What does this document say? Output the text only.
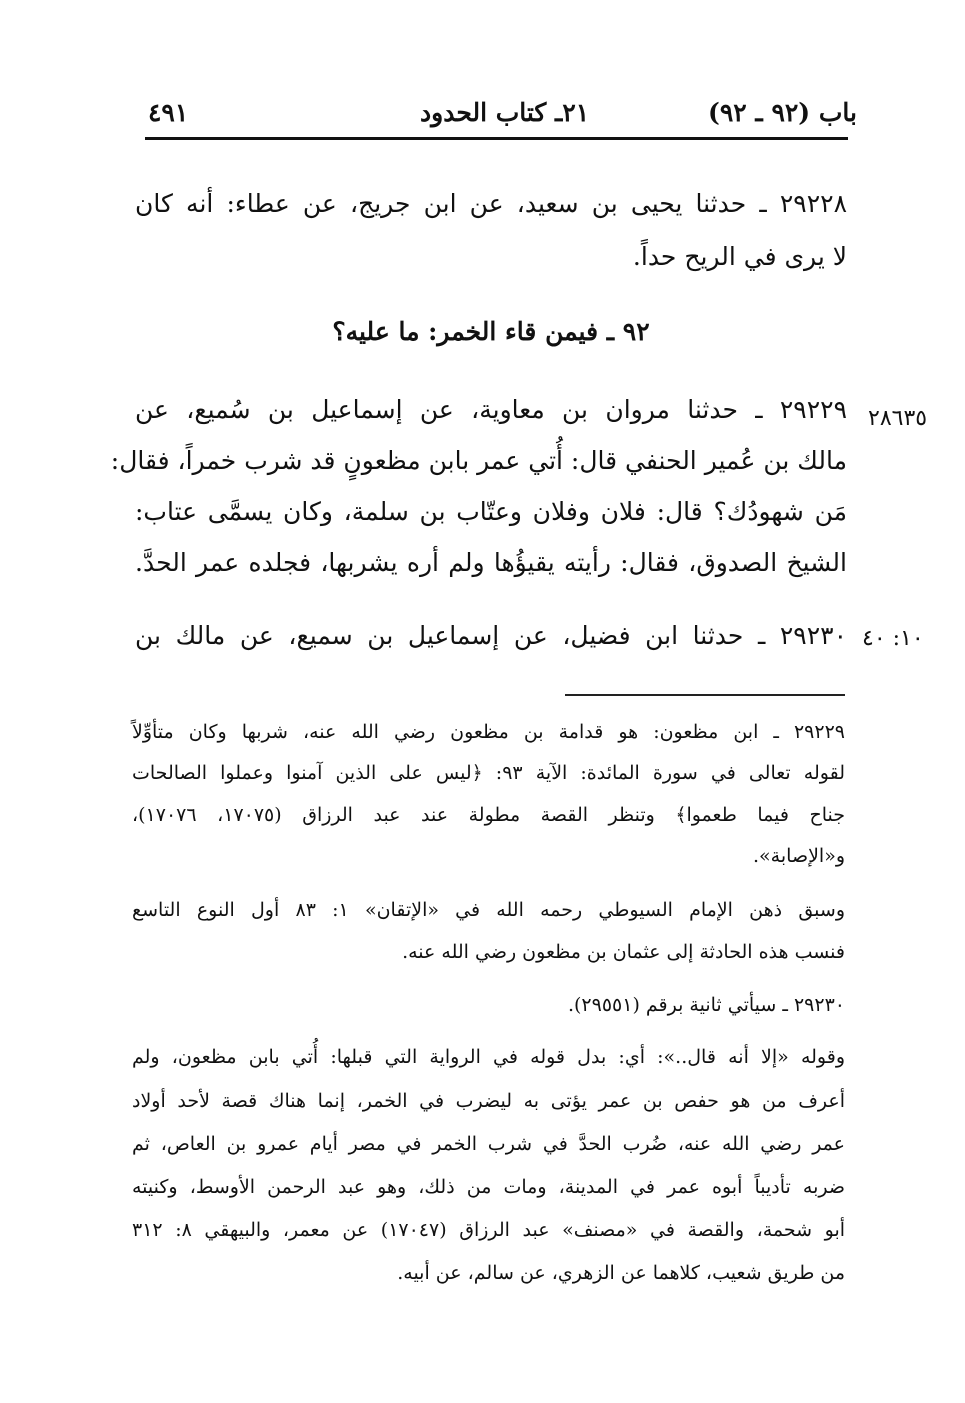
٤٩١	٢١ـ كتاب الحدود	باب (٩٢ ـ ٩٢)
٢٩٢٢٨ ـ حدثنا يحيى بن سعيد، عن ابن جريج، عن عطاء: أنه كان
لا يرى في الريح حداً.
٩٢ ـ فيمن قاء الخمر: ما عليه؟
٢٨٦٣٥
٢٩٢٢٩ ـ حدثنا مروان بن معاوية، عن إسماعيل بن سُميع، عن
مالك بن عُمير الحنفي قال: أُتي عمر بابن مظعونٍ قد شرب خمراً، فقال:
مَن شهودُك؟ قال: فلان وفلان وعتّاب بن سلمة، وكان يسمَّى عتاب:
الشيخ الصدوق، فقال: رأيته يقيؤُها ولم أره يشربها، فجلده عمر الحدَّ.
١٠: ٤٠
٢٩٢٣٠ ـ حدثنا ابن فضيل، عن إسماعيل بن سميع، عن مالك بن
٢٩٢٢٩ ـ ابن مظعون: هو قدامة بن مظعون رضي الله عنه، شربها وكان متأوِّلاً
لقوله تعالى في سورة المائدة: الآية ٩٣: ﴿ليس على الذين آمنوا وعملوا الصالحات
جناح فيما طعموا﴾ وتنظر القصة مطولة عند عبد الرزاق (١٧٠٧٥، ١٧٠٧٦)،
و«الإصابة».
وسبق ذهن الإمام السيوطي رحمه الله في «الإتقان» ١: ٨٣ أول النوع التاسع
فنسب هذه الحادثة إلى عثمان بن مظعون رضي الله عنه.
٢٩٢٣٠ ـ سيأتي ثانية برقم (٢٩٥٥١).
وقوله «إلا أنه قال..»: أي: بدل قوله في الرواية التي قبلها: أُتي بابن مظعون، ولم
أعرف من هو حفص بن عمر يؤتى به ليضرب في الخمر، إنما هناك قصة لأحد أولاد
عمر رضي الله عنه، ضُرب الحدَّ في شرب الخمر في مصر أيام عمرو بن العاص، ثم
ضربه تأديباً أبوه عمر في المدينة، ومات من ذلك، وهو عبد الرحمن الأوسط، وكنيته
أبو شحمة، والقصة في «مصنف» عبد الرزاق (١٧٠٤٧) عن معمر، والبيهقي ٨: ٣١٢
من طريق شعيب، كلاهما عن الزهري، عن سالم، عن أبيه.
